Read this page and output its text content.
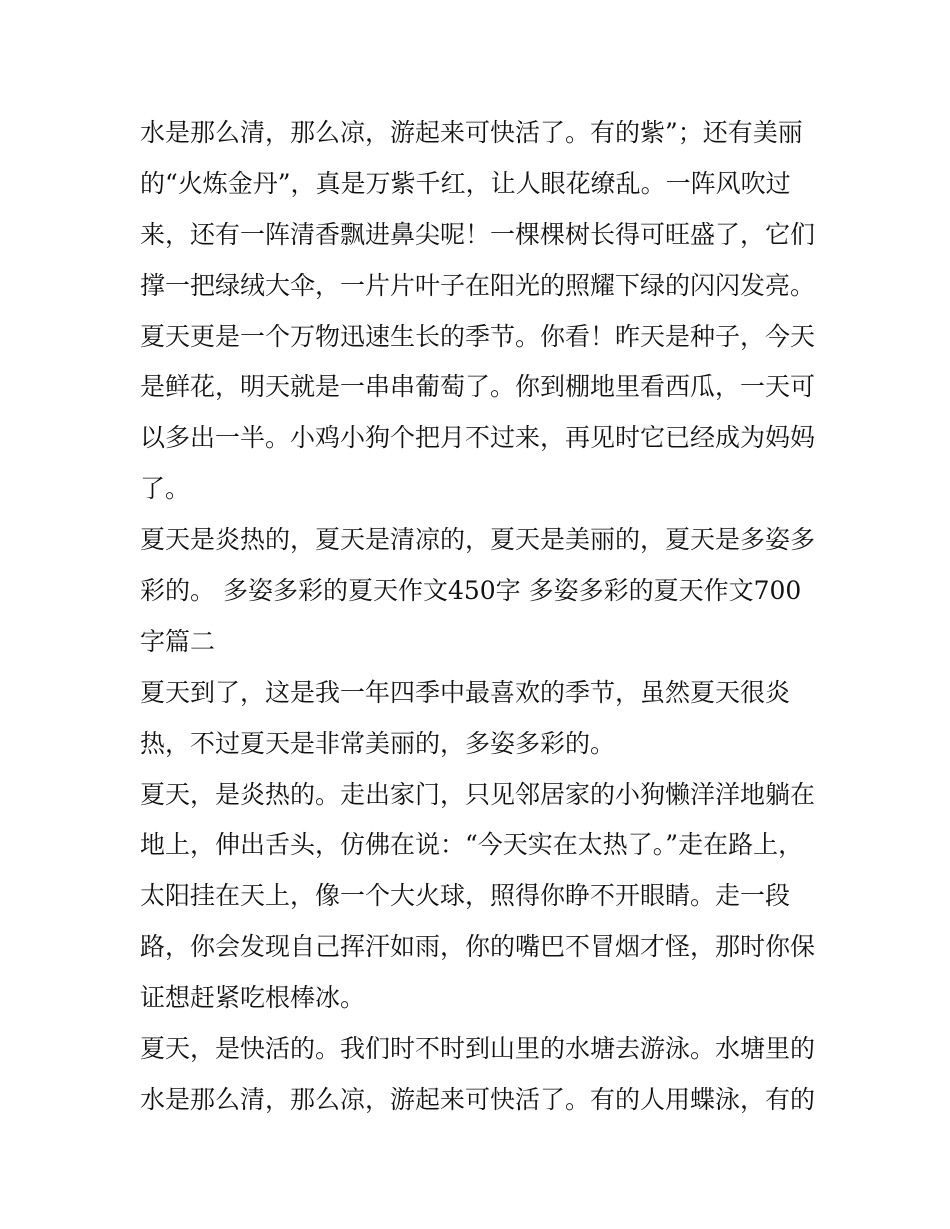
水是那么清，那么凉，游起来可快活了。有的紫”；还有美丽
的“火炼金丹”，真是万紫千红，让人眼花缭乱。一阵风吹过
来，还有一阵清香飘进鼻尖呢！一棵棵树长得可旺盛了，它们
撑一把绿绒大伞，一片片叶子在阳光的照耀下绿的闪闪发亮。
夏天更是一个万物迅速生长的季节。你看！昨天是种子，今天
是鲜花，明天就是一串串葡萄了。你到棚地里看西瓜，一天可
以多出一半。小鸡小狗个把月不过来，再见时它已经成为妈妈
了。
夏天是炎热的，夏天是清凉的，夏天是美丽的，夏天是多姿多
彩的。 多姿多彩的夏天作文450字 多姿多彩的夏天作文700
字篇二
夏天到了，这是我一年四季中最喜欢的季节，虽然夏天很炎
热，不过夏天是非常美丽的，多姿多彩的。
夏天，是炎热的。走出家门，只见邻居家的小狗懒洋洋地躺在
地上，伸出舌头，仿佛在说：“今天实在太热了。”走在路上，
太阳挂在天上，像一个大火球，照得你睁不开眼睛。走一段
路，你会发现自己挥汗如雨，你的嘴巴不冒烟才怪，那时你保
证想赶紧吃根棒冰。
夏天，是快活的。我们时不时到山里的水塘去游泳。水塘里的
水是那么清，那么凉，游起来可快活了。有的人用蝶泳，有的
